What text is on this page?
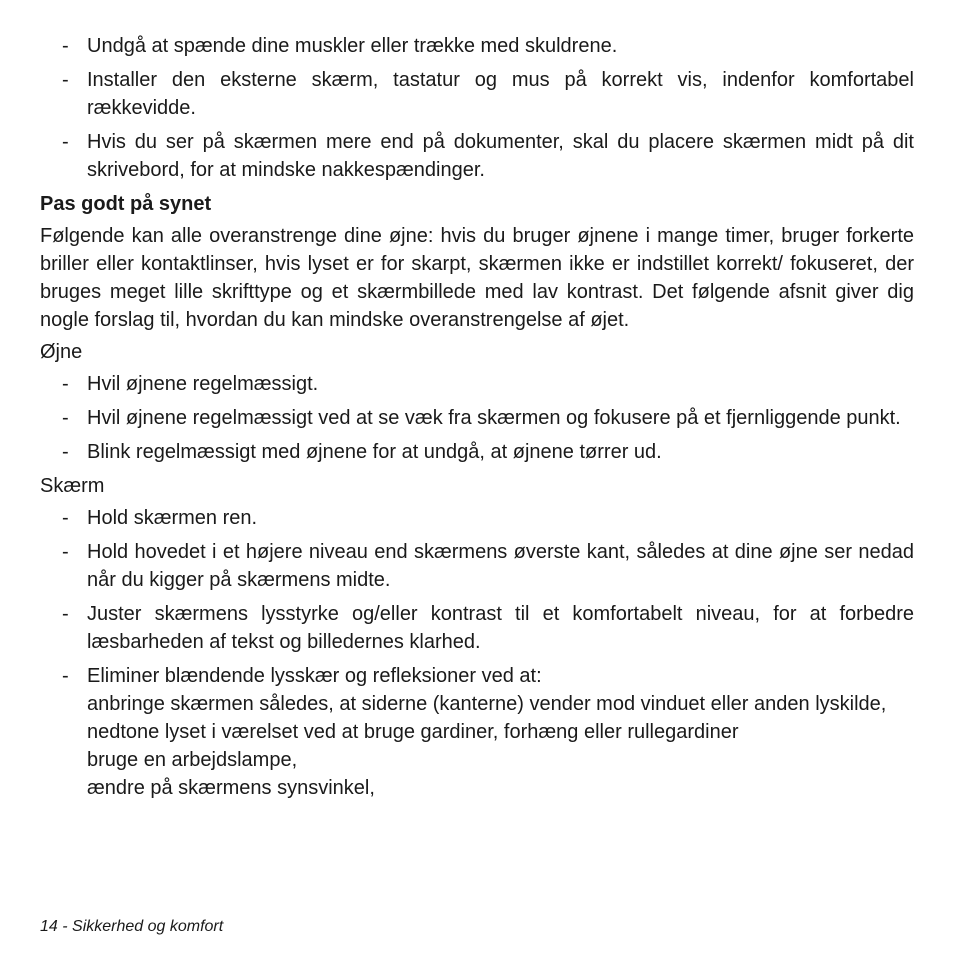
- Undgå at spænde dine muskler eller trække med skuldrene.
- Installer den eksterne skærm, tastatur og mus på korrekt vis, indenfor komfortabel rækkevidde.
- Hvis du ser på skærmen mere end på dokumenter, skal du placere skærmen midt på dit skrivebord, for at mindske nakkespændinger.
Pas godt på synet

Følgende kan alle overanstrenge dine øjne: hvis du bruger øjnene i mange timer, bruger forkerte briller eller kontaktlinser, hvis lyset er for skarpt, skærmen ikke er indstillet korrekt/ fokuseret, der bruges meget lille skrifttype og et skærmbillede med lav kontrast. Det følgende afsnit giver dig nogle forslag til, hvordan du kan mindske overanstrengelse af øjet.

Øjne
- Hvil øjnene regelmæssigt.
- Hvil øjnene regelmæssigt ved at se væk fra skærmen og fokusere på et fjernliggende punkt.
- Blink regelmæssigt med øjnene for at undgå, at øjnene tørrer ud.
Skærm
- Hold skærmen ren.
- Hold hovedet i et højere niveau end skærmens øverste kant, således at dine øjne ser nedad når du kigger på skærmens midte.
- Juster skærmens lysstyrke og/eller kontrast til et komfortabelt niveau, for at forbedre læsbarheden af tekst og billedernes klarhed.
- Eliminer blændende lysskær og refleksioner ved at:
anbringe skærmen således, at siderne (kanterne) vender mod vinduet eller anden lyskilde,
nedtone lyset i værelset ved at bruge gardiner, forhæng eller rullegardiner
bruge en arbejdslampe,
ændre på skærmens synsvinkel,
14 - Sikkerhed og komfort
